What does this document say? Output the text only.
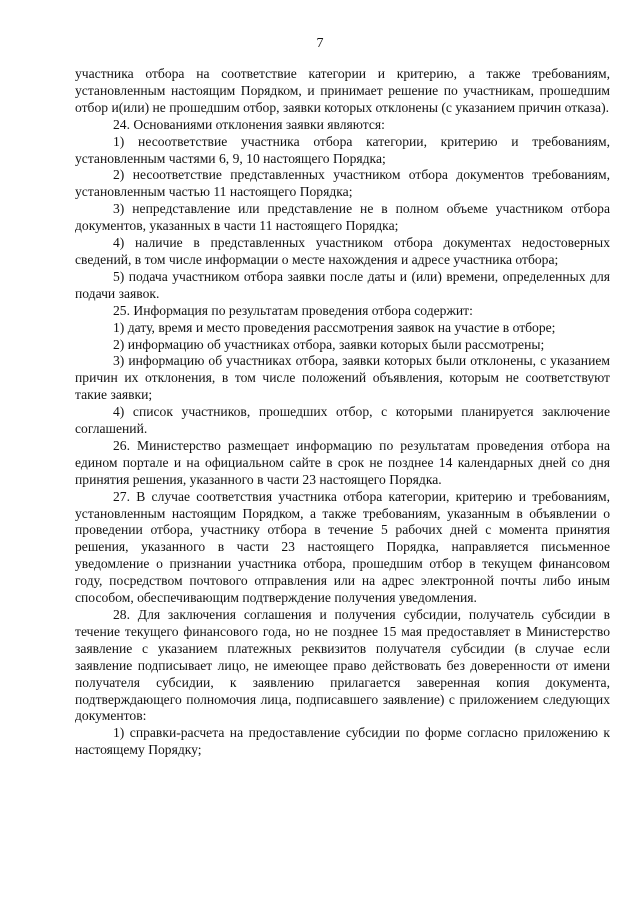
7

участника отбора на соответствие категории и критерию, а также требованиям, установленным настоящим Порядком, и принимает решение по участникам, прошедшим отбор и(или) не прошедшим отбор, заявки которых отклонены (с указанием причин отказа).

24. Основаниями отклонения заявки являются:

1) несоответствие участника отбора категории, критерию и требованиям, установленным частями 6, 9, 10 настоящего Порядка;

2) несоответствие представленных участником отбора документов требованиям, установленным частью 11 настоящего Порядка;

3) непредставление или представление не в полном объеме участником отбора документов, указанных в части 11 настоящего Порядка;

4) наличие в представленных участником отбора документах недостоверных сведений, в том числе информации о месте нахождения и адресе участника отбора;

5) подача участником отбора заявки после даты и (или) времени, определенных для подачи заявок.

25. Информация по результатам проведения отбора содержит:

1) дату, время и место проведения рассмотрения заявок на участие в отборе;

2) информацию об участниках отбора, заявки которых были рассмотрены;

3) информацию об участниках отбора, заявки которых были отклонены, с указанием причин их отклонения, в том числе положений объявления, которым не соответствуют такие заявки;

4) список участников, прошедших отбор, с которыми планируется заключение соглашений.

26. Министерство размещает информацию по результатам проведения отбора на едином портале и на официальном сайте в срок не позднее 14 календарных дней со дня принятия решения, указанного в части 23 настоящего Порядка.

27. В случае соответствия участника отбора категории, критерию и требованиям, установленным настоящим Порядком, а также требованиям, указанным в объявлении о проведении отбора, участнику отбора в течение 5 рабочих дней с момента принятия решения, указанного в части 23 настоящего Порядка, направляется письменное уведомление о признании участника отбора, прошедшим отбор в текущем финансовом году, посредством почтового отправления или на адрес электронной почты либо иным способом, обеспечивающим подтверждение получения уведомления.

28. Для заключения соглашения и получения субсидии, получатель субсидии в течение текущего финансового года, но не позднее 15 мая предоставляет в Министерство заявление с указанием платежных реквизитов получателя субсидии (в случае если заявление подписывает лицо, не имеющее право действовать без доверенности от имени получателя субсидии, к заявлению прилагается заверенная копия документа, подтверждающего полномочия лица, подписавшего заявление) с приложением следующих документов:

1) справки-расчета на предоставление субсидии по форме согласно приложению к настоящему Порядку;
